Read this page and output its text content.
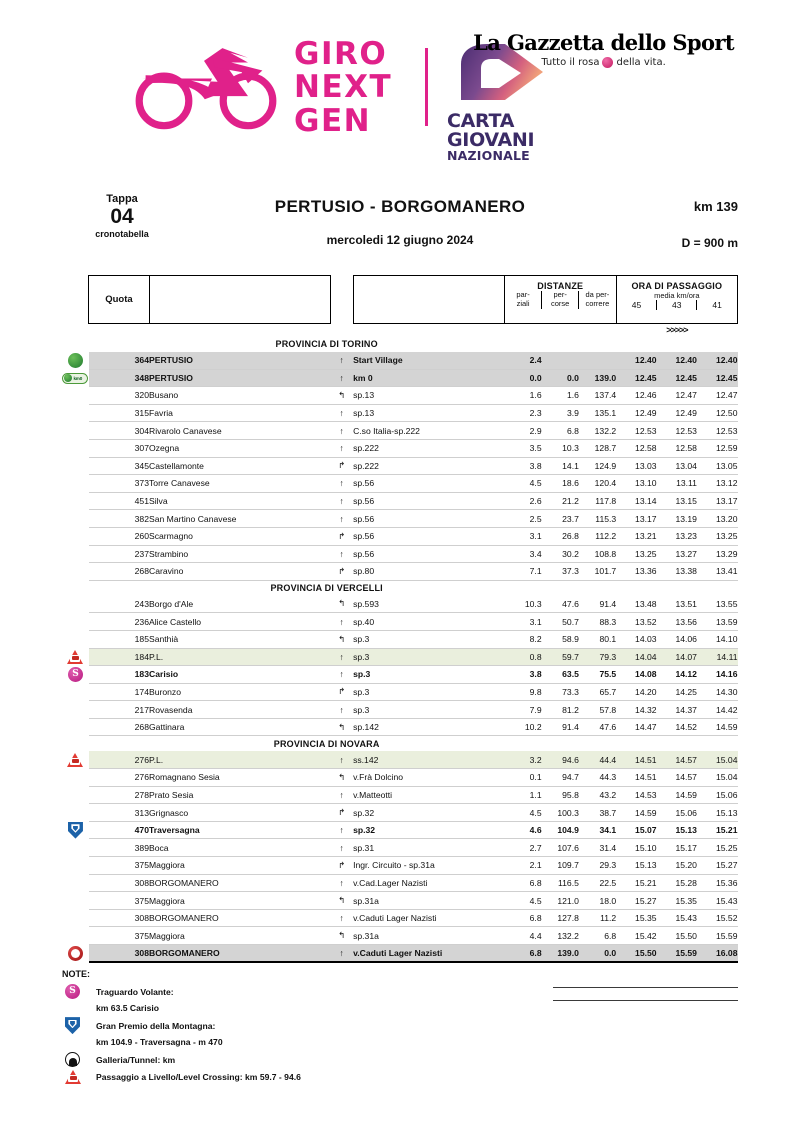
GIRO
NEXT
GEN	CARTA
GIOVANI
NAZIONALE
La Gazzetta dello Sport
Tutto il rosa della vita.
Tappa
04
cronotabella
PERTUSIO - BORGOMANERO
mercoledi 12 giugno 2024
km 139
D = 900 m
	Quota				
DISTANZE
par-	per-	da per-

ziali	corse	correre

ORA DI PASSAGGIO
media km/ora
45	43	41

	>>>>>
	PROVINCIA DI TORINO	
	364	PERTUSIO	↑	Start Village	2.4			12.40	12.40	12.40

km0	348	PERTUSIO	↑	km 0	0.0	0.0	139.0	12.45	12.45	12.45
	320	Busano	↰	sp.13	1.6	1.6	137.4	12.46	12.47	12.47
	315	Favria	↑	sp.13	2.3	3.9	135.1	12.49	12.49	12.50
	304	Rivarolo Canavese	↑	C.so Italia-sp.222	2.9	6.8	132.2	12.53	12.53	12.53
	307	Ozegna	↑	sp.222	3.5	10.3	128.7	12.58	12.58	12.59
	345	Castellamonte	↱	sp.222	3.8	14.1	124.9	13.03	13.04	13.05
	373	Torre Canavese	↑	sp.56	4.5	18.6	120.4	13.10	13.11	13.12
	451	Silva	↑	sp.56	2.6	21.2	117.8	13.14	13.15	13.17
	382	San Martino Canavese	↑	sp.56	2.5	23.7	115.3	13.17	13.19	13.20
	260	Scarmagno	↱	sp.56	3.1	26.8	112.2	13.21	13.23	13.25
	237	Strambino	↑	sp.56	3.4	30.2	108.8	13.25	13.27	13.29
	268	Caravino	↱	sp.80	7.1	37.3	101.7	13.36	13.38	13.41
	PROVINCIA DI VERCELLI	
	243	Borgo d'Ale	↰	sp.593	10.3	47.6	91.4	13.48	13.51	13.55
	236	Alice Castello	↑	sp.40	3.1	50.7	88.3	13.52	13.56	13.59
	185	Santhià	↰	sp.3	8.2	58.9	80.1	14.03	14.06	14.10
	184	P.L.	↑	sp.3	0.8	59.7	79.3	14.04	14.07	14.11
S	183	Carisio	↑	sp.3	3.8	63.5	75.5	14.08	14.12	14.16
	174	Buronzo	↱	sp.3	9.8	73.3	65.7	14.20	14.25	14.30
	217	Rovasenda	↑	sp.3	7.9	81.2	57.8	14.32	14.37	14.42
	268	Gattinara	↰	sp.142	10.2	91.4	47.6	14.47	14.52	14.59
	PROVINCIA DI NOVARA	
	276	P.L.	↑	ss.142	3.2	94.6	44.4	14.51	14.57	15.04
	276	Romagnano Sesia	↰	v.Frà Dolcino	0.1	94.7	44.3	14.51	14.57	15.04
	278	Prato Sesia	↑	v.Matteotti	1.1	95.8	43.2	14.53	14.59	15.06
	313	Grignasco	↱	sp.32	4.5	100.3	38.7	14.59	15.06	15.13
	470	Traversagna	↑	sp.32	4.6	104.9	34.1	15.07	15.13	15.21
	389	Boca	↑	sp.31	2.7	107.6	31.4	15.10	15.17	15.25
	375	Maggiora	↱	Ingr. Circuito - sp.31a	2.1	109.7	29.3	15.13	15.20	15.27
	308	BORGOMANERO	↑	v.Cad.Lager Nazisti	6.8	116.5	22.5	15.21	15.28	15.36
	375	Maggiora	↰	sp.31a	4.5	121.0	18.0	15.27	15.35	15.43
	308	BORGOMANERO	↑	v.Caduti Lager Nazisti	6.8	127.8	11.2	15.35	15.43	15.52
	375	Maggiora	↰	sp.31a	4.4	132.2	6.8	15.42	15.50	15.59
	308	BORGOMANERO	↑	v.Caduti Lager Nazisti	6.8	139.0	0.0	15.50	15.59	16.08
NOTE:
S	Traguardo Volante:
km 63.5 Carisio
Gran Premio della Montagna:
km 104.9 - Traversagna - m 470
Galleria/Tunnel: km
Passaggio a Livello/Level Crossing: km 59.7 - 94.6
